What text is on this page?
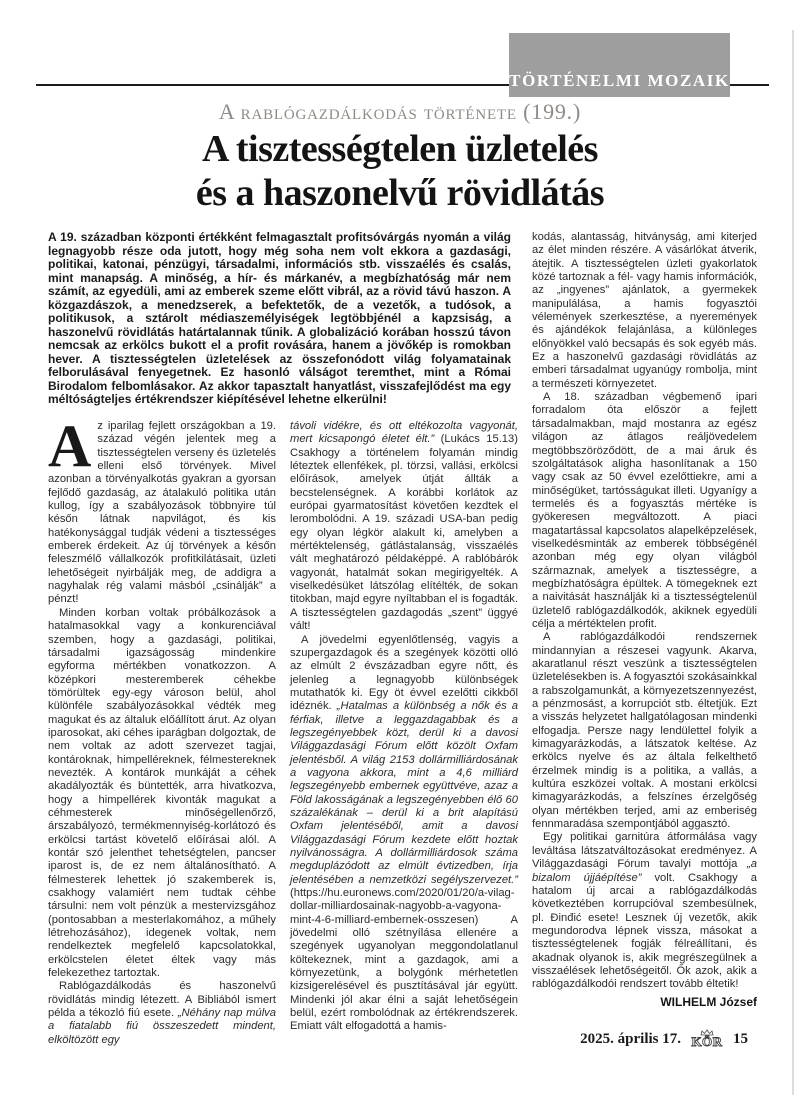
TÖRTÉNELMI MOZAIK
A rablógazdálkodás története (199.)
A tisztességtelen üzletelés
és a haszonelvű rövidlátás
A 19. században központi értékként felmagasztalt profitsóvárgás nyomán a világ legnagyobb része oda jutott, hogy még soha nem volt ekkora a gazdasági, politikai, katonai, pénzügyi, társadalmi, információs stb. visszaélés és csalás, mint manapság. A minőség, a hír- és márkanév, a megbízhatóság már nem számít, az egyedüli, ami az emberek szeme előtt vibrál, az a rövid távú haszon. A közgazdászok, a menedzserek, a befektetők, de a vezetők, a tudósok, a politikusok, a sztárolt médiaszemélyiségek legtöbbjénél a kapzsiság, a haszonelvű rövidlátás határtalannak tűnik. A globalizáció korában hosszú távon nemcsak az erkölcs bukott el a profit rovására, hanem a jövőkép is romokban hever. A tisztességtelen üzletelések az összefonódott világ folyamatainak felborulásával fenyegetnek. Ez hasonló válságot teremthet, mint a Római Birodalom felbomlásakor. Az akkor tapasztalt hanyatlást, visszafejlődést ma egy méltóságteljes értékrendszer kiépítésével lehetne elkerülni!

Az iparilag fejlett országokban a 19. század végén jelentek meg a tisztességtelen verseny és üzletelés elleni első törvények. Mivel azonban a törvényalkotás gyakran a gyorsan fejlődő gazdaság, az átalakuló politika után kullog, így a szabályozások többnyire túl későn látnak napvilágot, és kis hatékonysággal tudják védeni a tisztességes emberek érdekeit. Az új törvények a későn feleszmélő vállalkozók profitkilátásait, üzleti lehetőségeit nyirbálják meg, de addigra a nagyhalak rég valami másból „csinálják” a pénzt!

Minden korban voltak próbálkozások a hatalmasokkal vagy a konkurenciával szemben, hogy a gazdasági, politikai, társadalmi igazságosság mindenkire egyforma mértékben vonatkozzon. A középkori mesteremberek céhekbe tömörültek egy-egy városon belül, ahol különféle szabályozásokkal védték meg magukat és az általuk előállított árut. Az olyan iparosokat, aki céhes iparágban dolgoztak, de nem voltak az adott szervezet tagjai, kontároknak, himpelléreknek, félmestereknek nevezték. A kontárok munkáját a céhek akadályozták és büntették, arra hivatkozva, hogy a himpellérek kivonták magukat a céhmesterek minőségellenőrző, árszabályozó, termékmennyiség-korlátozó és erkölcsi tartást követelő előírásai alól. A kontár szó jelenthet tehetségtelen, pancser iparost is, de ez nem általánosítható. A félmesterek lehettek jó szakemberek is, csakhogy valamiért nem tudtak céhbe társulni: nem volt pénzük a mestervizsgához (pontosabban a mesterlakomához, a műhely létrehozásához), idegenek voltak, nem rendelkeztek megfelelő kapcsolatokkal, erkölcstelen életet éltek vagy más felekezethez tartoztak.

Rablógazdálkodás és haszonelvű rövidlátás mindig létezett. A Bibliából ismert példa a tékozló fiú esete. „Néhány nap múlva a fiatalabb fiú összeszedett mindent, elköltözött egy

távoli vidékre, és ott eltékozolta vagyonát, mert kicsapongó életet élt.” (Lukács 15.13) Csakhogy a történelem folyamán mindig léteztek ellenfékek, pl. törzsi, vallási, erkölcsi előírások, amelyek útját állták a becstelenségnek. A korábbi korlátok az európai gyarmatosítást követően kezdtek el lerombolódni. A 19. századi USA-ban pedig egy olyan légkör alakult ki, amelyben a mértéktelenség, gátlástalanság, visszaélés vált meghatározó példaképpé. A rablóbárók vagyonát, hatalmát sokan megirigyelték. A viselkedésüket látszólag elítélték, de sokan titokban, majd egyre nyíltabban el is fogadták. A tisztességtelen gazdagodás „szent” üggyé vált!

A jövedelmi egyenlőtlenség, vagyis a szupergazdagok és a szegények közötti olló az elmúlt 2 évszázadban egyre nőtt, és jelenleg a legnagyobb különbségek mutathatók ki. Egy öt évvel ezelőtti cikkből idéznék. „Hatalmas a különbség a nők és a férfiak, illetve a leggazdagabbak és a legszegényebbek közt, derül ki a davosi Világgazdasági Fórum előtt közölt Oxfam jelentésből. A világ 2153 dollármilliárdosának a vagyona akkora, mint a 4,6 milliárd legszegényebb embernek együttvéve, azaz a Föld lakosságának a legszegényebben élő 60 százalékának – derül ki a brit alapítású Oxfam jelentéséből, amit a davosi Világgazdasági Fórum kezdete előtt hoztak nyilvánosságra. A dollármilliárdosok száma megduplázódott az elmúlt évtizedben, írja jelentésében a nemzetközi segélyszervezet.” (https://hu.euronews.com/2020/01/20/a-vilag-dollar-milliardosainak-nagyobb-a-vagyona-mint-4-6-milliard-embernek-osszesen) A jövedelmi olló szétnyílása ellenére a szegények ugyanolyan meggondolatlanul költekeznek, mint a gazdagok, ami a környezetünk, a bolygónk mérhetetlen kizsigerelésével és pusztításával jár együtt. Mindenki jól akar élni a saját lehetőségein belül, ezért rombolódnak az értékrendszerek. Emiatt vált elfogadottá a hamis-

kodás, alantasság, hitványság, ami kiterjed az élet minden részére. A vásárlókat átverik, átejtik. A tisztességtelen üzleti gyakorlatok közé tartoznak a fél- vagy hamis információk, az „ingyenes” ajánlatok, a gyermekek manipulálása, a hamis fogyasztói vélemények szerkesztése, a nyeremények és ajándékok felajánlása, a különleges előnyökkel való becsapás és sok egyéb más. Ez a haszonelvű gazdasági rövidlátás az emberi társadalmat ugyanúgy rombolja, mint a természeti környezetet.

A 18. században végbemenő ipari forradalom óta először a fejlett társadalmakban, majd mostanra az egész világon az átlagos reáljövedelem megtöbbszöröződött, de a mai áruk és szolgáltatások aligha hasonlítanak a 150 vagy csak az 50 évvel ezelőttiekre, ami a minőségüket, tartósságukat illeti. Ugyanígy a termelés és a fogyasztás mértéke is gyökeresen megváltozott. A piaci magatartással kapcsolatos alapelképzelések, viselkedésminták az emberek többségénél azonban még egy olyan világból származnak, amelyek a tisztességre, a megbízhatóságra épültek. A tömegeknek ezt a naivitását használják ki a tisztességtelenül üzletelő rablógazdálkodók, akiknek egyedüli célja a mértéktelen profit.

A rablógazdálkodói rendszernek mindannyian a részesei vagyunk. Akarva, akaratlanul részt veszünk a tisztességtelen üzletelésekben is. A fogyasztói szokásainkkal a rabszolgamunkát, a környezetszennyezést, a pénzmosást, a korrupciót stb. éltetjük. Ezt a visszás helyzetet hallgatólagosan mindenki elfogadja. Persze nagy lendülettel folyik a kimagyarázkodás, a látszatok keltése. Az erkölcs nyelve és az általa felkelthető érzelmek mindig is a politika, a vallás, a kultúra eszközei voltak. A mostani erkölcsi kimagyarázkodás, a felszínes érzelgőség olyan mértékben terjed, ami az emberiség fennmaradása szempontjából aggasztó.

Egy politikai garnitúra átformálása vagy leváltása látszatváltozásokat eredményez. A Világgazdasági Fórum tavalyi mottója „a bizalom újjáépítése” volt. Csakhogy a hatalom új arcai a rablógazdálkodás következtében korrupcióval szembesülnek, pl. Đinđić esete! Lesznek új vezetők, akik megundorodva lépnek vissza, másokat a tisztességtelenek fogják félreállítani, és akadnak olyanok is, akik megrészegülnek a visszaélések lehetőségeitől. Ők azok, akik a rablógazdálkodói rendszert tovább éltetik!

WILHELM József
2025. április 17. KÖR 15
